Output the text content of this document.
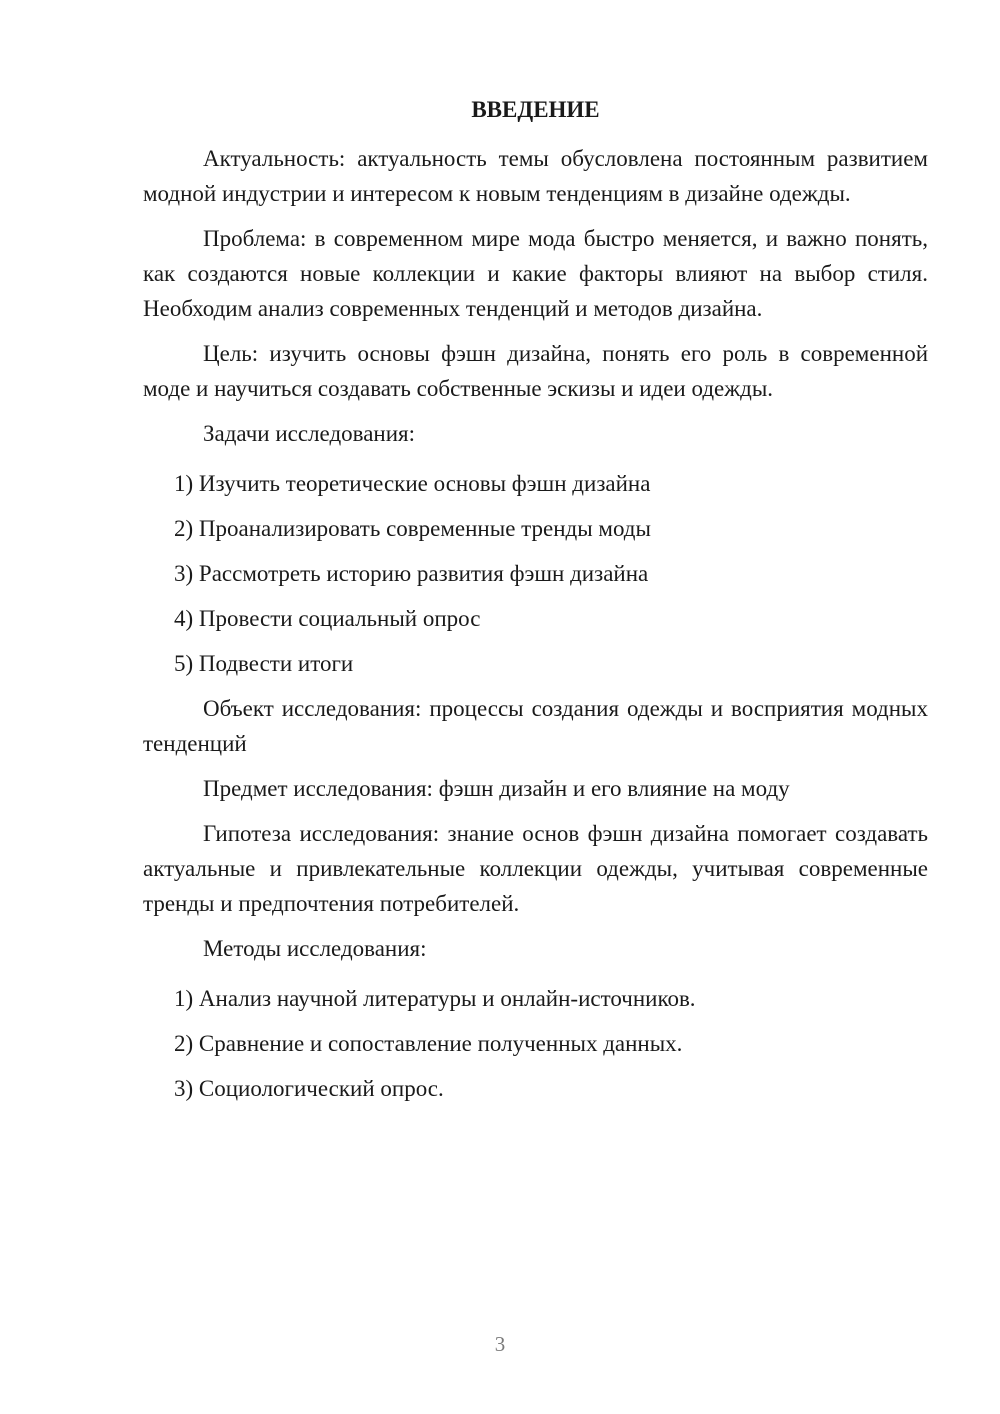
ВВЕДЕНИЕ

Актуальность: актуальность темы обусловлена постоянным развитием модной индустрии и интересом к новым тенденциям в дизайне одежды.

Проблема: в современном мире мода быстро меняется, и важно понять, как создаются новые коллекции и какие факторы влияют на выбор стиля. Необходим анализ современных тенденций и методов дизайна.

Цель: изучить основы фэшн дизайна, понять его роль в современной моде и научиться создавать собственные эскизы и идеи одежды.

Задачи исследования:

1) Изучить теоретические основы фэшн дизайна

2) Проанализировать современные тренды моды

3) Рассмотреть историю развития фэшн дизайна

4) Провести социальный опрос

5) Подвести итоги

Объект исследования: процессы создания одежды и восприятия модных тенденций

Предмет исследования: фэшн дизайн и его влияние на моду

Гипотеза исследования: знание основ фэшн дизайна помогает создавать актуальные и привлекательные коллекции одежды, учитывая современные тренды и предпочтения потребителей.

Методы исследования:

1) Анализ научной литературы и онлайн-источников.

2) Сравнение и сопоставление полученных данных.

3) Социологический опрос.

3
